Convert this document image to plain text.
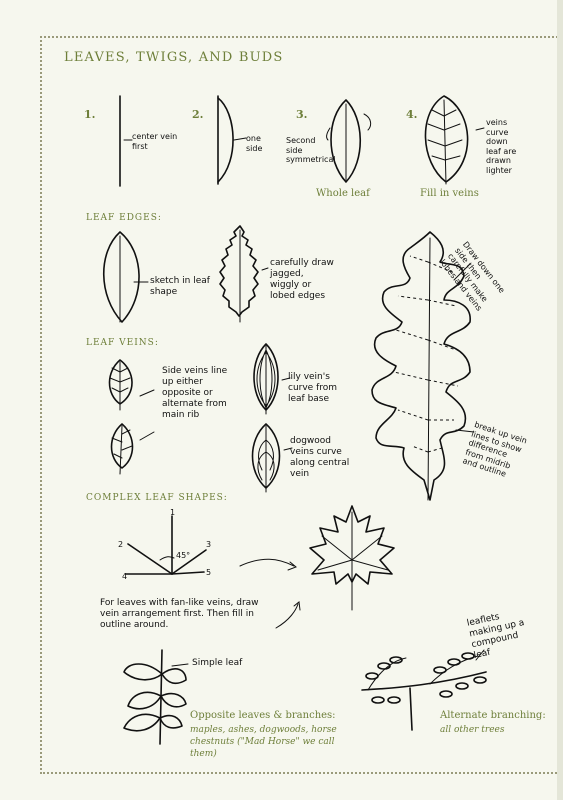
LEAVES, TWIGS, AND BUDS
1.	2.	3.	4.
center vein first
one side
Second side symmetrical
veins curve down leaf are drawn lighter
Whole leaf	Fill in veins
LEAF EDGES:
sketch in leaf shape
carefully draw jagged, wiggly or lobed edges
Draw down one side then carefully make lobes and veins
break up vein lines to show difference from midrib and outline
LEAF VEINS:
Side veins line up either opposite or alternate from main rib
lily vein's curve from leaf base
dogwood veins curve along central vein
COMPLEX LEAF SHAPES:
1
2	3
4	5
45°
For leaves with fan-like veins, draw vein arrangement first. Then fill in outline around.
Simple leaf
leaflets making up a compound leaf
Opposite leaves & branches:
maples, ashes, dogwoods, horse chestnuts ("Mad Horse" we call them)
Alternate branching:
all other trees
